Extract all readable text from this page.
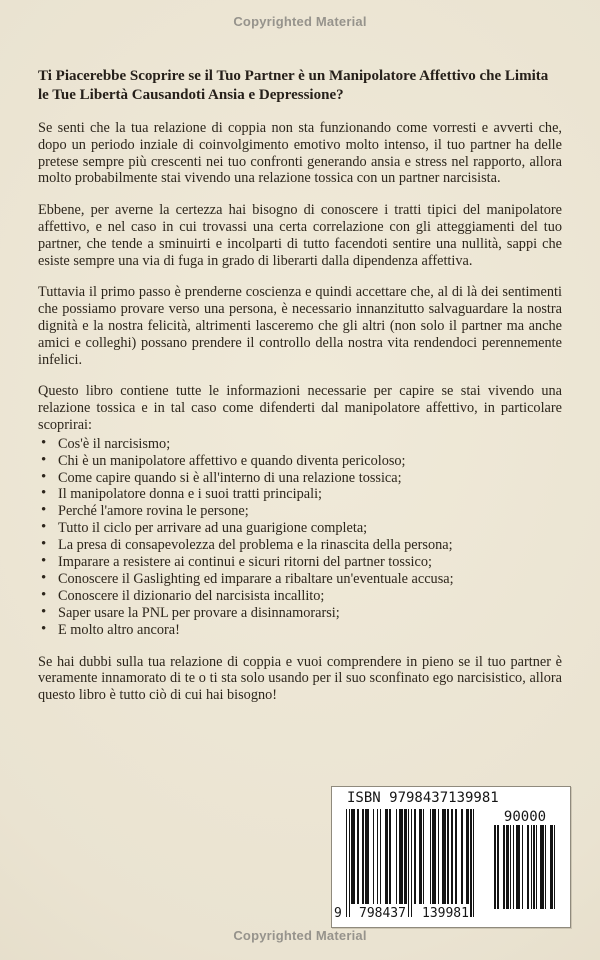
Copyrighted Material
Ti Piacerebbe Scoprire se il Tuo Partner è un Manipolatore Affettivo che Limita le Tue Libertà Causandoti Ansia e Depressione?

Se senti che la tua relazione di coppia non sta funzionando come vorresti e avverti che, dopo un periodo inziale di coinvolgimento emotivo molto intenso, il tuo partner ha delle pretese sempre più crescenti nei tuo confronti generando ansia e stress nel rapporto, allora molto probabilmente stai vivendo una relazione tossica con un partner narcisista.

Ebbene, per averne la certezza hai bisogno di conoscere i tratti tipici del manipolatore affettivo, e nel caso in cui trovassi una certa correlazione con gli atteggiamenti del tuo partner, che tende a sminuirti e incolparti di tutto facendoti sentire una nullità, sappi che esiste sempre una via di fuga in grado di liberarti dalla dipendenza affettiva.

Tuttavia il primo passo è prenderne coscienza e quindi accettare che, al di là dei sentimenti che possiamo provare verso una persona, è necessario innanzitutto salvaguardare la nostra dignità e la nostra felicità, altrimenti lasceremo che gli altri (non solo il partner ma anche amici e colleghi) possano prendere il controllo della nostra vita rendendoci perennemente infelici.

Questo libro contiene tutte le informazioni necessarie per capire se stai vivendo una relazione tossica e in tal caso come difenderti dal manipolatore affettivo, in particolare scoprirai:

• Cos'è il narcisismo;
• Chi è un manipolatore affettivo e quando diventa pericoloso;
• Come capire quando si è all'interno di una relazione tossica;
• Il manipolatore donna e i suoi tratti principali;
• Perché l'amore rovina le persone;
• Tutto il ciclo per arrivare ad una guarigione completa;
• La presa di consapevolezza del problema e la rinascita della persona;
• Imparare a resistere ai continui e sicuri ritorni del partner tossico;
• Conoscere il Gaslighting ed imparare a ribaltare un'eventuale accusa;
• Conoscere il dizionario del narcisista incallito;
• Saper usare la PNL per provare a disinnamorarsi;
• E molto altro ancora!

Se hai dubbi sulla tua relazione di coppia e vuoi comprendere in pieno se il tuo partner è veramente innamorato di te o ti sta solo usando per il suo sconfinato ego narcisistico, allora questo libro è tutto ciò di cui hai bisogno!

ISBN 9798437139981
9 798437 139981
90000
Copyrighted Material
